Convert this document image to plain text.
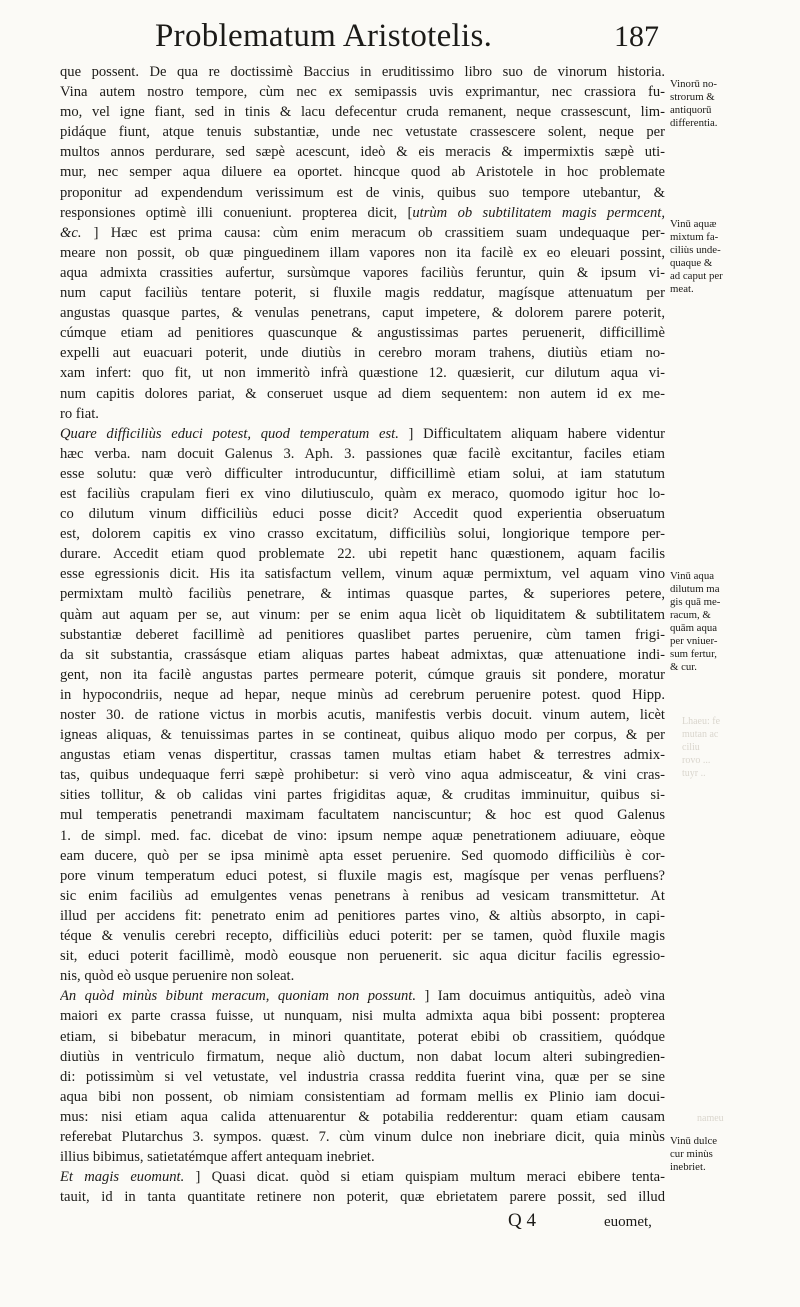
Problematum Aristotelis.	187
que possent. De qua re doctissimè Baccius in eruditissimo libro suo de vinorum historia.
Vina autem nostro tempore, cùm nec ex semipassis uvis exprimantur, nec crassiora fu-
mo, vel igne fiant, sed in tinis & lacu defecentur cruda remanent, neque crassescunt, lim-
pidáque fiunt, atque tenuis substantiæ, unde nec vetustate crassescere solent, neque per
multos annos perdurare, sed sæpè acescunt, ideò & eis meracis & impermixtis sæpè uti-
mur, nec semper aqua diluere ea oportet. hincque quod ab Aristotele in hoc problemate
proponitur ad expendendum verissimum est de vinis, quibus suo tempore utebantur, &
responsiones optimè illi conueniunt. propterea dicit, [utrùm ob subtilitatem magis permcent,
&c. ] Hæc est prima causa: cùm enim meracum ob crassitiem suam undequaque per-
meare non possit, ob quæ pinguedinem illam vapores non ita facilè ex eo eleuari possint,
aqua admixta crassities aufertur, sursùmque vapores faciliùs feruntur, quin & ipsum vi-
num caput faciliùs tentare poterit, si fluxile magis reddatur, magísque attenuatum per
angustas quasque partes, & venulas penetrans, caput impetere, & dolorem parere poterit,
cúmque etiam ad penitiores quascunque & angustissimas partes peruenerit, difficillimè
expelli aut euacuari poterit, unde diutiùs in cerebro moram trahens, diutiùs etiam no-
xam infert: quo fit, ut non immeritò infrà quæstione 12. quæsierit, cur dilutum aqua vi-
num capitis dolores pariat, & conseruet usque ad diem sequentem: non autem id ex me-
ro fiat.
Quare difficiliùs educi potest, quod temperatum est. ] Difficultatem aliquam habere videntur
hæc verba. nam docuit Galenus 3. Aph. 3. passiones quæ facilè excitantur, faciles etiam
esse solutu: quæ verò difficulter introducuntur, difficillimè etiam solui, at iam statutum
est faciliùs crapulam fieri ex vino dilutiusculo, quàm ex meraco, quomodo igitur hoc lo-
co dilutum vinum difficiliùs educi posse dicit? Accedit quod experientia obseruatum
est, dolorem capitis ex vino crasso excitatum, difficiliùs solui, longiorique tempore per-
durare. Accedit etiam quod problemate 22. ubi repetit hanc quæstionem, aquam facilis
esse egressionis dicit. His ita satisfactum vellem, vinum aquæ permixtum, vel aquam vino
permixtam multò faciliùs penetrare, & intimas quasque partes, & superiores petere,
quàm aut aquam per se, aut vinum: per se enim aqua licèt ob liquiditatem & subtilitatem
substantiæ deberet facillimè ad penitiores quaslibet partes peruenire, cùm tamen frigi-
da sit substantia, crassásque etiam aliquas partes habeat admixtas, quæ attenuatione indi-
gent, non ita facilè angustas partes permeare poterit, cúmque grauis sit pondere, moratur
in hypocondriis, neque ad hepar, neque minùs ad cerebrum peruenire potest. quod Hipp.
noster 30. de ratione victus in morbis acutis, manifestis verbis docuit. vinum autem, licèt
igneas aliquas, & tenuissimas partes in se contineat, quibus aliquo modo per corpus, & per
angustas etiam venas dispertitur, crassas tamen multas etiam habet & terrestres admix-
tas, quibus undequaque ferri sæpè prohibetur: si verò vino aqua admisceatur, & vini cras-
sities tollitur, & ob calidas vini partes frigiditas aquæ, & cruditas imminuitur, quibus si-
mul temperatis penetrandi maximam facultatem nanciscuntur; & hoc est quod Galenus
1. de simpl. med. fac. dicebat de vino: ipsum nempe aquæ penetrationem adiuuare, eòque
eam ducere, quò per se ipsa minimè apta esset peruenire. Sed quomodo difficiliùs è cor-
pore vinum temperatum educi potest, si fluxile magis est, magísque per venas perfluens?
sic enim faciliùs ad emulgentes venas penetrans à renibus ad vesicam transmittetur. At
illud per accidens fit: penetrato enim ad penitiores partes vino, & altiùs absorpto, in capi-
téque & venulis cerebri recepto, difficiliùs educi poterit: per se tamen, quòd fluxile magis
sit, educi poterit facillimè, modò eousque non peruenerit. sic aqua dicitur facilis egressio-
nis, quòd eò usque peruenire non soleat.
An quòd minùs bibunt meracum, quoniam non possunt. ] Iam docuimus antiquitùs, adeò vina
maiori ex parte crassa fuisse, ut nunquam, nisi multa admixta aqua bibi possent: propterea
etiam, si bibebatur meracum, in minori quantitate, poterat ebibi ob crassitiem, quódque
diutiùs in ventriculo firmatum, neque aliò ductum, non dabat locum alteri subingredien-
di: potissimùm si vel vetustate, vel industria crassa reddita fuerint vina, quæ per se sine
aqua bibi non possent, ob nimiam consistentiam ad formam mellis ex Plinio iam docui-
mus: nisi etiam aqua calida attenuarentur & potabilia redderentur: quam etiam causam
referebat Plutarchus 3. sympos. quæst. 7. cùm vinum dulce non inebriare dicit, quia minùs
illius bibimus, satietatémque affert antequam inebriet.
Et magis euomunt. ] Quasi dicat. quòd si etiam quispiam multum meraci ebibere tenta-
tauit, id in tanta quantitate retinere non poterit, quæ ebrietatem parere possit, sed illud
Vinorū no-
strorum &
antiquorū
differentia.
Vinū aquæ
mixtum fa-
ciliùs unde-
quaque &
ad caput per
meat.
Vinū aqua
dilutum ma
gis quā me-
racum, &
quām aqua
per vniuer-
sum fertur,
& cur.
Vinū dulce
cur minùs
inebriet.
Lhaeu: fe
mutan ac
ciliu
rovo ...
tuyr ..
nameu
Q 4	euomet,
